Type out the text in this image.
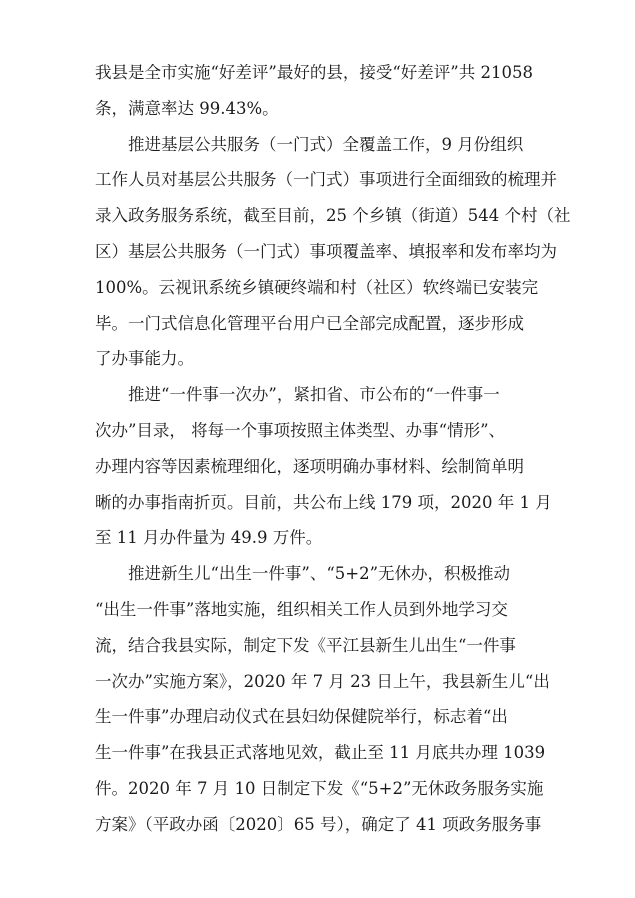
我县是全市实施“好差评”最好的县，接受“好差评”共 21058
条，满意率达 99.43%。
推进基层公共服务（一门式）全覆盖工作，9 月份组织
工作人员对基层公共服务（一门式）事项进行全面细致的梳理并
录入政务服务系统，截至目前，25 个乡镇（街道）544 个村（社
区）基层公共服务（一门式）事项覆盖率、填报率和发布率均为
100%。云视讯系统乡镇硬终端和村（社区）软终端已安装完
毕。一门式信息化管理平台用户已全部完成配置，逐步形成
了办事能力。
推进“一件事一次办”，紧扣省、市公布的“一件事一
次办”目录， 将每一个事项按照主体类型、办事“情形”、
办理内容等因素梳理细化，逐项明确办事材料、绘制简单明
晰的办事指南折页。目前，共公布上线 179 项，2020 年 1 月
至 11 月办件量为 49.9 万件。
推进新生儿“出生一件事”、“5+2”无休办，积极推动
“出生一件事”落地实施，组织相关工作人员到外地学习交
流，结合我县实际，制定下发《平江县新生儿出生“一件事
一次办”实施方案》，2020 年 7 月 23 日上午，我县新生儿“出
生一件事”办理启动仪式在县妇幼保健院举行，标志着“出
生一件事”在我县正式落地见效，截止至 11 月底共办理 1039
件。2020 年 7 月 10 日制定下发《“5+2”无休政务服务实施
方案》（平政办函〔2020〕65 号），确定了 41 项政务服务事
